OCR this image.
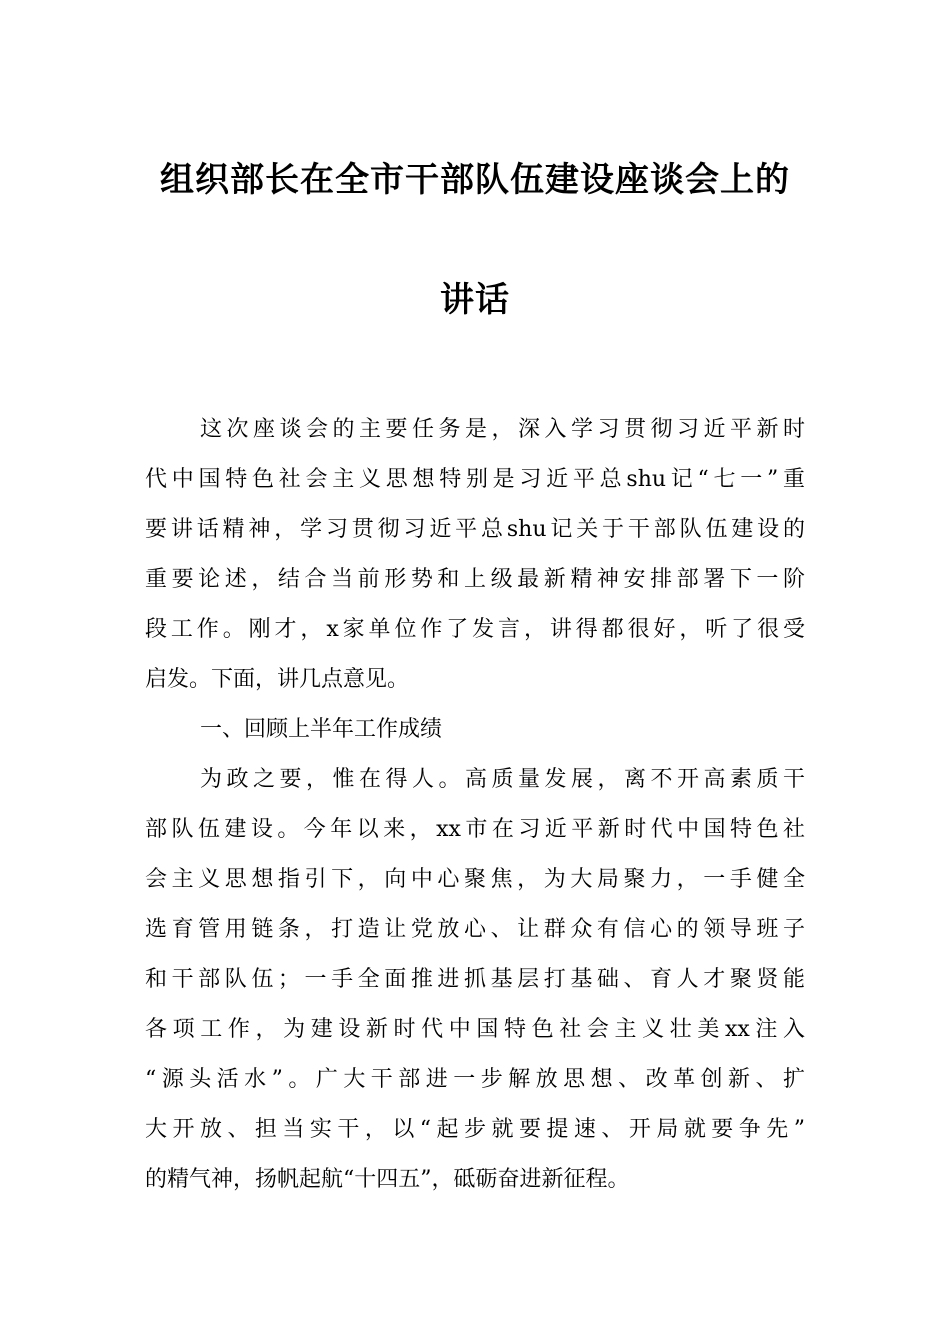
组织部长在全市干部队伍建设座谈会上的
讲话
这次座谈会的主要任务是，深入学习贯彻习近平新时
代中国特色社会主义思想特别是习近平总shu记“七一”重
要讲话精神，学习贯彻习近平总shu记关于干部队伍建设的
重要论述，结合当前形势和上级最新精神安排部署下一阶
段工作。刚才，x家单位作了发言，讲得都很好，听了很受
启发。下面，讲几点意见。
一、回顾上半年工作成绩
为政之要，惟在得人。高质量发展，离不开高素质干
部队伍建设。今年以来，xx市在习近平新时代中国特色社
会主义思想指引下，向中心聚焦，为大局聚力，一手健全
选育管用链条，打造让党放心、让群众有信心的领导班子
和干部队伍；一手全面推进抓基层打基础、育人才聚贤能
各项工作，为建设新时代中国特色社会主义壮美xx注入
“源头活水”。广大干部进一步解放思想、改革创新、扩
大开放、担当实干，以“起步就要提速、开局就要争先”
的精气神，扬帆起航“十四五”，砥砺奋进新征程。
